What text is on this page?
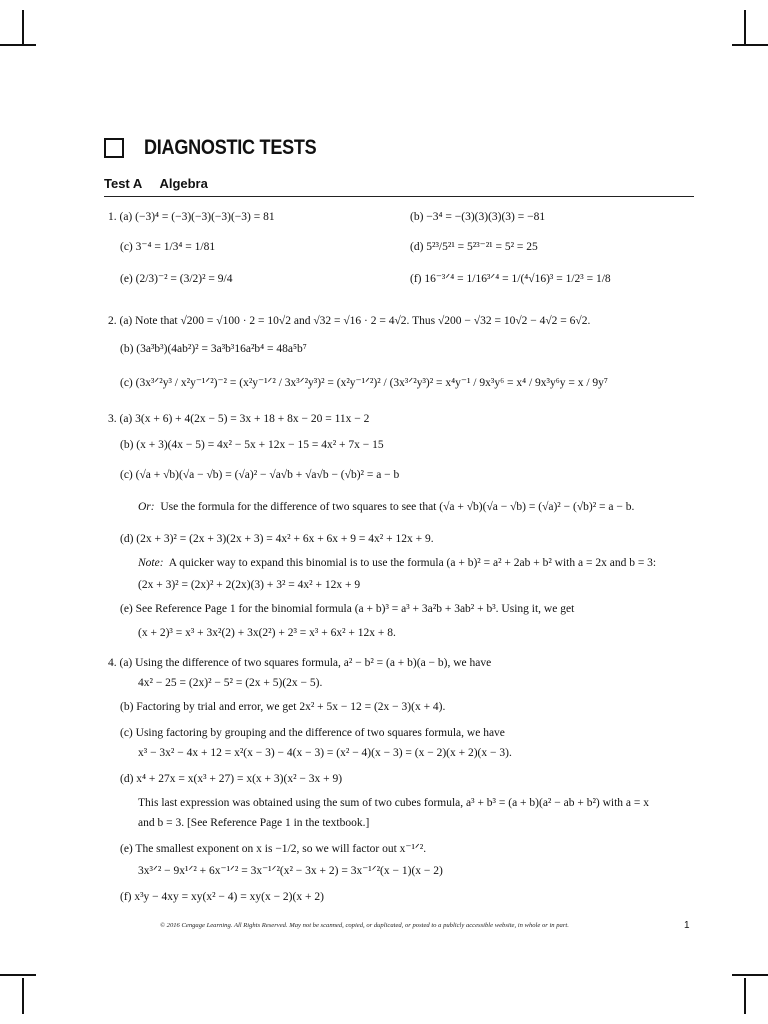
DIAGNOSTIC TESTS
Test A Algebra
1. (a) (−3)⁴ = (−3)(−3)(−3)(−3) = 81	(b) −3⁴ = −(3)(3)(3)(3) = −81
(c) 3⁻⁴ = 1/3⁴ = 1/81	(d) 5²³/5²¹ = 5²³⁻²¹ = 5² = 25
(e) (2/3)⁻² = (3/2)² = 9/4	(f) 16⁻³ᐟ⁴ = 1/16³ᐟ⁴ = 1/(⁴√16)³ = 1/2³ = 1/8
2. (a) Note that √200 = √100 · 2 = 10√2 and √32 = √16 · 2 = 4√2. Thus √200 − √32 = 10√2 − 4√2 = 6√2.
(b) (3a³b³)(4ab²)² = 3a³b³16a²b⁴ = 48a⁵b⁷
(c) (3x³ᐟ²y³ / x²y⁻¹ᐟ²)⁻² = (x²y⁻¹ᐟ² / 3x³ᐟ²y³)² = (x²y⁻¹ᐟ²)² / (3x³ᐟ²y³)² = x⁴y⁻¹ / 9x³y⁶ = x⁴ / 9x³y⁶y = x / 9y⁷
3. (a) 3(x + 6) + 4(2x − 5) = 3x + 18 + 8x − 20 = 11x − 2
(b) (x + 3)(4x − 5) = 4x² − 5x + 12x − 15 = 4x² + 7x − 15
(c) (√a + √b)(√a − √b) = (√a)² − √a√b + √a√b − (√b)² = a − b
Or: Use the formula for the difference of two squares to see that (√a + √b)(√a − √b) = (√a)² − (√b)² = a − b.
(d) (2x + 3)² = (2x + 3)(2x + 3) = 4x² + 6x + 6x + 9 = 4x² + 12x + 9.
Note: A quicker way to expand this binomial is to use the formula (a + b)² = a² + 2ab + b² with a = 2x and b = 3:
(2x + 3)² = (2x)² + 2(2x)(3) + 3² = 4x² + 12x + 9
(e) See Reference Page 1 for the binomial formula (a + b)³ = a³ + 3a²b + 3ab² + b³. Using it, we get
(x + 2)³ = x³ + 3x²(2) + 3x(2²) + 2³ = x³ + 6x² + 12x + 8.
4. (a) Using the difference of two squares formula, a² − b² = (a + b)(a − b), we have
4x² − 25 = (2x)² − 5² = (2x + 5)(2x − 5).
(b) Factoring by trial and error, we get 2x² + 5x − 12 = (2x − 3)(x + 4).
(c) Using factoring by grouping and the difference of two squares formula, we have
x³ − 3x² − 4x + 12 = x²(x − 3) − 4(x − 3) = (x² − 4)(x − 3) = (x − 2)(x + 2)(x − 3).
(d) x⁴ + 27x = x(x³ + 27) = x(x + 3)(x² − 3x + 9)
This last expression was obtained using the sum of two cubes formula, a³ + b³ = (a + b)(a² − ab + b²) with a = x
and b = 3. [See Reference Page 1 in the textbook.]
(e) The smallest exponent on x is −1/2, so we will factor out x⁻¹ᐟ².
3x³ᐟ² − 9x¹ᐟ² + 6x⁻¹ᐟ² = 3x⁻¹ᐟ²(x² − 3x + 2) = 3x⁻¹ᐟ²(x − 1)(x − 2)
(f) x³y − 4xy = xy(x² − 4) = xy(x − 2)(x + 2)
© 2016 Cengage Learning. All Rights Reserved. May not be scanned, copied, or duplicated, or posted to a publicly accessible website, in whole or in part.	1
